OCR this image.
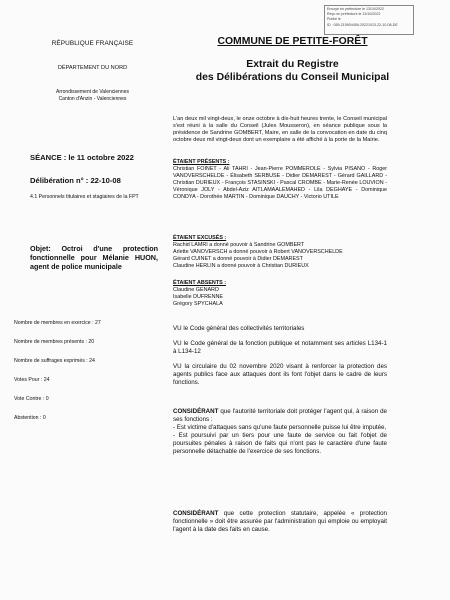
Envoyé en préfecture le 13/10/2022
Reçu en préfecture le 13/10/2022
Publié le
ID : 059-215904459-20221013-22-10-08-DE
RÉPUBLIQUE FRANÇAISE
DÉPARTEMENT DU NORD
Arrondissement de Valenciennes
Canton d'Anzin - Valenciennes
COMMUNE DE PETITE-FORÊT
Extrait du Registre
des Délibérations du Conseil Municipal
SÉANCE : le 11 octobre 2022
Délibération n° : 22-10-08
4.1 Personnels titulaires et stagiaires de la FPT
Objet: Octroi d'une protection fonctionnelle pour Mélanie HUON, agent de police municipale
Nombre de membres en exercice : 27
Nombre de membres présents : 20
Nombre de suffrages exprimés : 24
Votes Pour : 24
Vote Contre : 0
Abstention : 0
L'an deux mil vingt-deux, le onze octobre à dix-huit heures trente, le Conseil municipal s'est réuni à la salle du Conseil (Jules Mousseron), en séance publique sous la présidence de Sandrine GOMBERT, Maire, en salle de la convocation en date du cinq octobre deux mil vingt-deux dont un exemplaire a été affiché à la porte de la Mairie.
ÉTAIENT PRÉSENTS :
Christian FOINET - Ali TAHRI - Jean-Pierre POMMEROLE - Sylvia PISANO - Roger VANOVERSCHELDE - Élisabeth SERBUSE - Didier DEMAREST - Gérard GAILLARD - Christian DURIEUX - François STASINSKI - Pascal CROMBE - Marie-Renée LOUVION - Véronique JOLY - Abdel-Aziz AITLAMAALEMAHED - Lila DEGHAYE - Dominique CONDYA - Dorothée MARTIN - Dominique DAUCHY - Victorio UTILE
ÉTAIENT EXCUSÉS :
Rachid LAMRI a donné pouvoir à Sandrine GOMBERT
Arlette VANOVERSCH a donné pouvoir à Robert VANOVERSCHELDE
Gérard CUINET a donné pouvoir à Didier DEMAREST
Claudine HERLIN a donné pouvoir à Christian DURIEUX
ÉTAIENT ABSENTS :
Claudine GENARD
Isabelle DUFRENNE
Grégory SPYCHALA
VU le Code général des collectivités territoriales
VU le Code général de la fonction publique et notamment ses articles L134-1 à L134-12
VU la circulaire du 02 novembre 2020 visant à renforcer la protection des agents publics face aux attaques dont ils font l'objet dans le cadre de leurs fonctions.

CONSIDÉRANT que l'autorité territoriale doit protéger l'agent qui, à raison de ses fonctions :

- Est victime d'attaques sans qu'une faute personnelle puisse lui être imputée,

- Est poursuivi par un tiers pour une faute de service ou fait l'objet de poursuites pénales à raison de faits qui n'ont pas le caractère d'une faute personnelle détachable de l'exercice de ses fonctions.

CONSIDÉRANT que cette protection statutaire, appelée « protection fonctionnelle » doit être assurée par l'administration qui emploie ou employait l'agent à la date des faits en cause.
